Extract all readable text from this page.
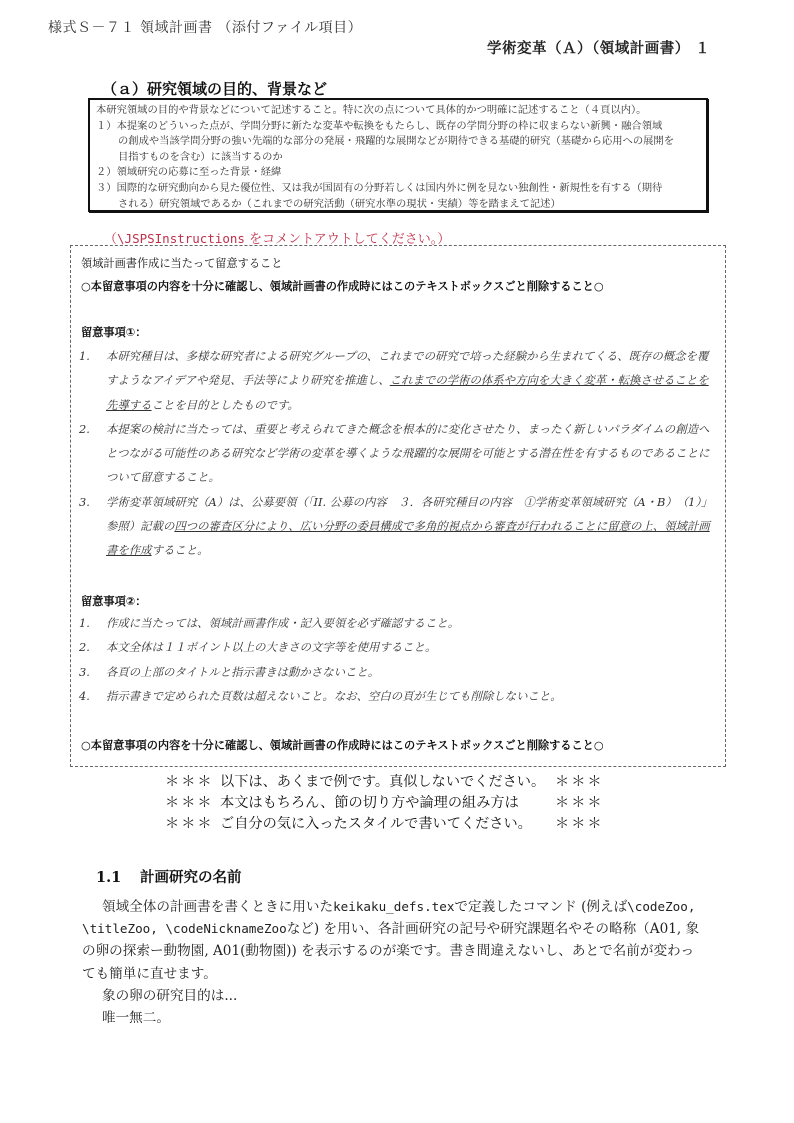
様式Ｓ－７１ 領域計画書 （添付ファイル項目）
学術変革（Ａ）（領域計画書） １
（ａ）研究領域の目的、背景など
本研究領域の目的や背景などについて記述すること。特に次の点について具体的かつ明確に記述すること（４頁以内）。
１）本提案のどういった点が、学問分野に新たな変革や転換をもたらし、既存の学問分野の枠に収まらない新興・融合領域
の創成や当該学問分野の強い先端的な部分の発展・飛躍的な展開などが期待できる基礎的研究（基礎から応用への展開を
目指すものを含む）に該当するのか
２）領域研究の応募に至った背景・経緯
３）国際的な研究動向から見た優位性、又は我が国固有の分野若しくは国内外に例を見ない独創性・新規性を有する（期待
される）研究領域であるか（これまでの研究活動（研究水準の現状・実績）等を踏まえて記述）
（\JSPSInstructions をコメントアウトしてください。）
領域計画書作成に当たって留意すること
○本留意事項の内容を十分に確認し、領域計画書の作成時にはこのテキストボックスごと削除すること○
留意事項①：
1. 本研究種目は、多様な研究者による研究グループの、これまでの研究で培った経験から生まれてくる、既存の概念を覆すようなアイデアや発見、手法等により研究を推進し、これまでの学術の体系や方向を大きく変革・転換させることを先導することを目的としたものです。
2. 本提案の検討に当たっては、重要と考えられてきた概念を根本的に変化させたり、まったく新しいパラダイムの創造へとつながる可能性のある研究など学術の変革を導くような飛躍的な展開を可能とする潜在性を有するものであることについて留意すること。
3. 学術変革領域研究（A）は、公募要領（「II. 公募の内容　３．各研究種目の内容　①学術変革領域研究（A・B）　（1）」参照）記載の四つの審査区分により、広い分野の委員構成で多角的視点から審査が行われることに留意の上、領域計画書を作成すること。
留意事項②：
1. 作成に当たっては、領域計画書作成・記入要領を必ず確認すること。
2. 本文全体は１１ポイント以上の大きさの文字等を使用すること。
3. 各頁の上部のタイトルと指示書きは動かさないこと。
4. 指示書きで定められた頁数は超えないこと。なお、空白の頁が生じても削除しないこと。
○本留意事項の内容を十分に確認し、領域計画書の作成時にはこのテキストボックスごと削除すること○
＊＊＊ 以下は、あくまで例です。真似しないでください。 ＊＊＊
＊＊＊ 本文はもちろん、節の切り方や論理の組み方は	＊＊＊
＊＊＊ ご自分の気に入ったスタイルで書いてください。 ＊＊＊
1.1 計画研究の名前

領域全体の計画書を書くときに用いたkeikaku_defs.texで定義したコマンド (例えば\codeZoo, \titleZoo, \codeNicknameZooなど) を用い、各計画研究の記号や研究課題名やその略称（A01, 象の卵の探索ー動物園, A01(動物園)) を表示するのが楽です。書き間違えないし、あとで名前が変わっても簡単に直せます。

象の卵の研究目的は...

唯一無二。
